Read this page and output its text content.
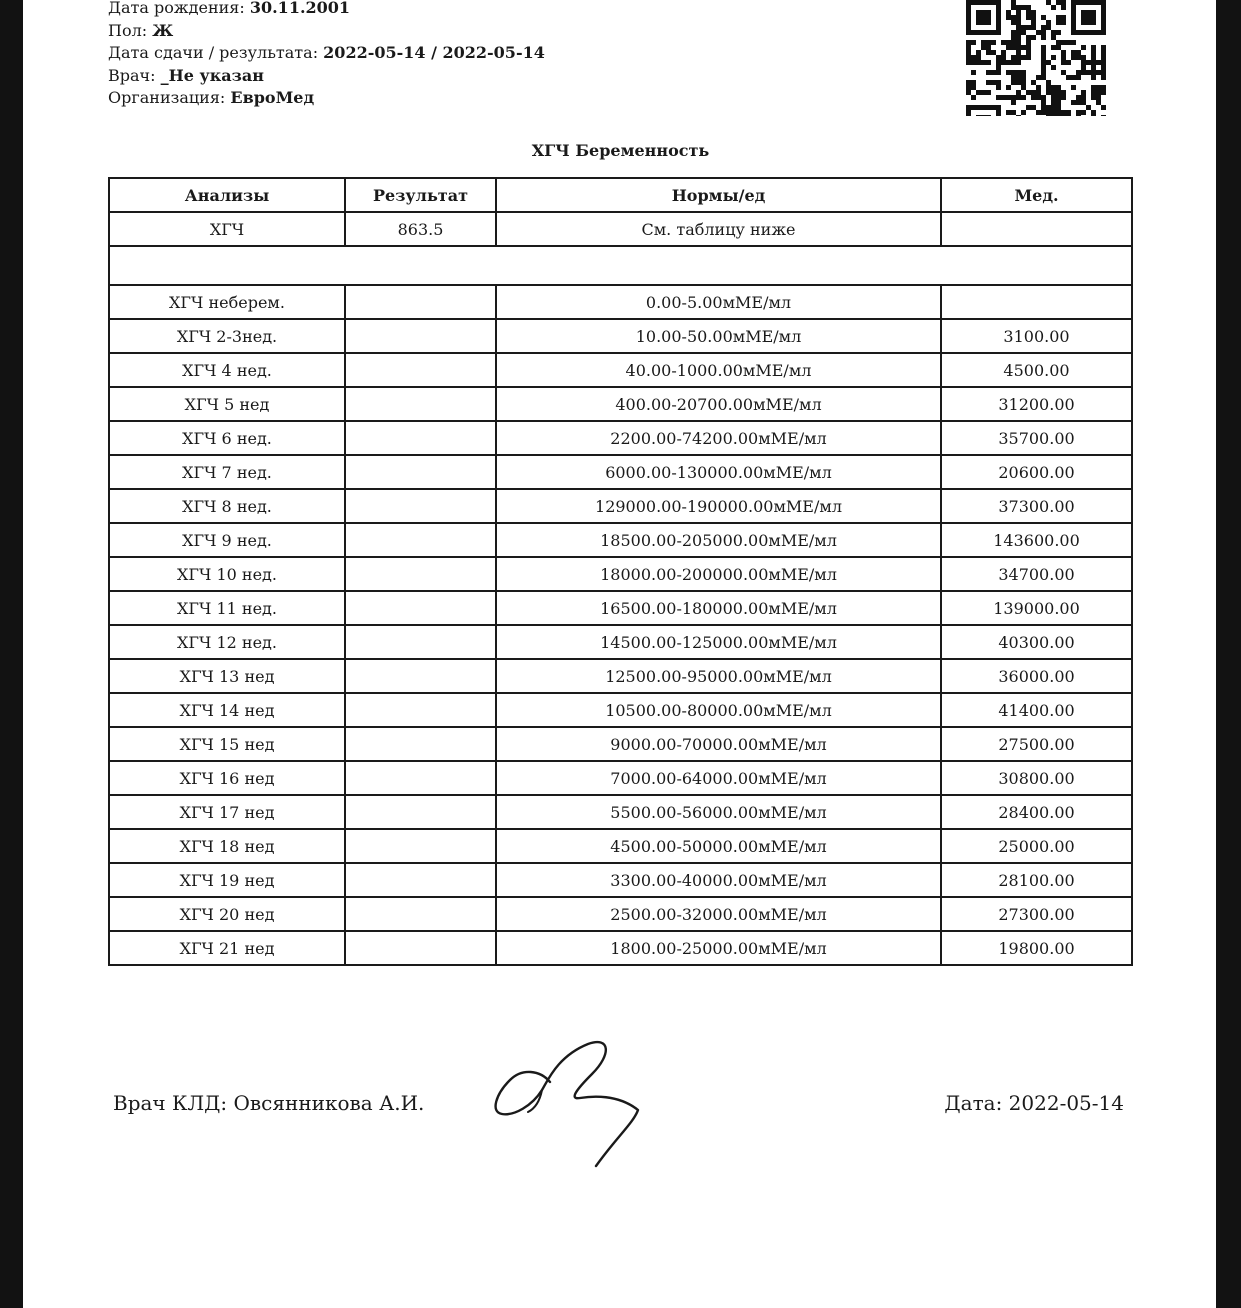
Дата рождения: 30.11.2001
Пол: Ж
Дата сдачи / результата: 2022-05-14 / 2022-05-14
Врач: _Не указан
Организация: ЕвроМед
ХГЧ Беременность
Анализы	Результат	Нормы/ед	Мед.
ХГЧ	863.5	См. таблицу ниже	

ХГЧ неберем.		0.00-5.00мМЕ/мл	
ХГЧ 2-3нед.		10.00-50.00мМЕ/мл	3100.00
ХГЧ 4 нед.		40.00-1000.00мМЕ/мл	4500.00
ХГЧ 5 нед		400.00-20700.00мМЕ/мл	31200.00
ХГЧ 6 нед.		2200.00-74200.00мМЕ/мл	35700.00
ХГЧ 7 нед.		6000.00-130000.00мМЕ/мл	20600.00
ХГЧ 8 нед.		129000.00-190000.00мМЕ/мл	37300.00
ХГЧ 9 нед.		18500.00-205000.00мМЕ/мл	143600.00
ХГЧ 10 нед.		18000.00-200000.00мМЕ/мл	34700.00
ХГЧ 11 нед.		16500.00-180000.00мМЕ/мл	139000.00
ХГЧ 12 нед.		14500.00-125000.00мМЕ/мл	40300.00
ХГЧ 13 нед		12500.00-95000.00мМЕ/мл	36000.00
ХГЧ 14 нед		10500.00-80000.00мМЕ/мл	41400.00
ХГЧ 15 нед		9000.00-70000.00мМЕ/мл	27500.00
ХГЧ 16 нед		7000.00-64000.00мМЕ/мл	30800.00
ХГЧ 17 нед		5500.00-56000.00мМЕ/мл	28400.00
ХГЧ 18 нед		4500.00-50000.00мМЕ/мл	25000.00
ХГЧ 19 нед		3300.00-40000.00мМЕ/мл	28100.00
ХГЧ 20 нед		2500.00-32000.00мМЕ/мл	27300.00
ХГЧ 21 нед		1800.00-25000.00мМЕ/мл	19800.00
Врач КЛД: Овсянникова А.И.	Дата: 2022-05-14
